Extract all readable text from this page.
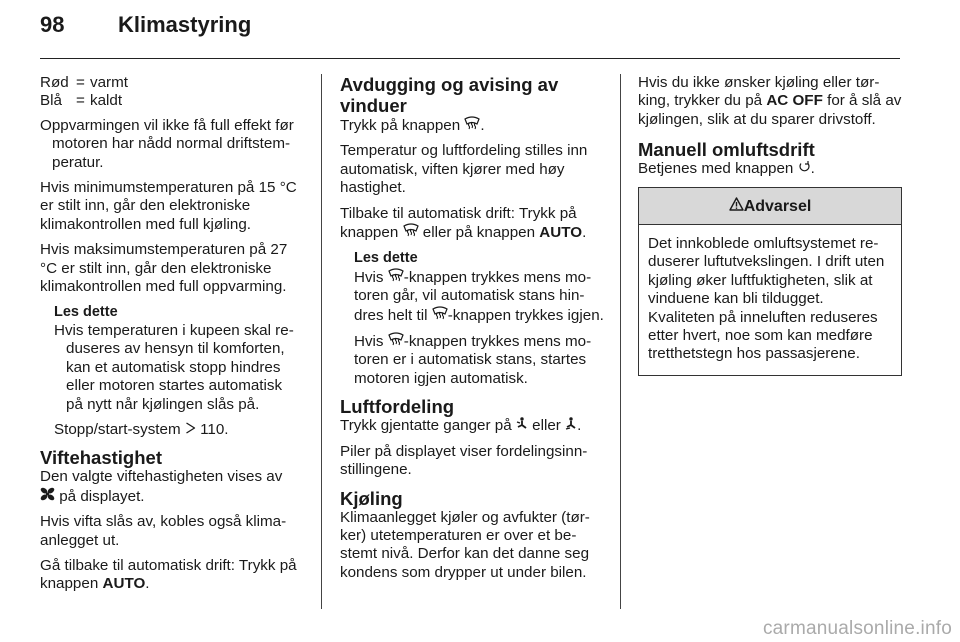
98 Klimastyring
Rød = varmt
Blå = kaldt

Oppvarmingen vil ikke få full effekt før motoren har nådd normal driftstemperatur.

Hvis minimumstemperaturen på 15 °C er stilt inn, går den elektroniske klimakontrollen med full kjøling.

Hvis maksimumstemperaturen på 27 °C er stilt inn, går den elektroniske klimakontrollen med full oppvarming.

Les dette

Hvis temperaturen i kupeen skal reduseres av hensyn til komforten, kan et automatisk stopp hindres eller motoren startes automatisk på nytt når kjølingen slås på.

Stopp/start-system 110.

Viftehastighet

Den valgte viftehastigheten vises av
på displayet.

Hvis vifta slås av, kobles også klimaanlegget ut.

Gå tilbake til automatisk drift: Trykk på knappen AUTO.

Avdugging og avising av vinduer

Trykk på knappen .

Temperatur og luftfordeling stilles inn automatisk, viften kjører med høy hastighet.

Tilbake til automatisk drift: Trykk på knappen eller på knappen AUTO.

Les dette

Hvis -knappen trykkes mens motoren går, vil automatisk stans hindres helt til -knappen trykkes igjen.

Hvis -knappen trykkes mens motoren er i automatisk stans, startes motoren igjen automatisk.

Luftfordeling

Trykk gjentatte ganger på eller .

Piler på displayet viser fordelingsinnstillingene.

Kjøling

Klimaanlegget kjøler og avfukter (tørker) utetemperaturen er over et bestemt nivå. Derfor kan det danne seg kondens som drypper ut under bilen.

Hvis du ikke ønsker kjøling eller tørking, trykker du på AC OFF for å slå av kjølingen, slik at du sparer drivstoff.

Manuell omluftsdrift

Betjenes med knappen .

Advarsel
Det innkoblede omluftsystemet reduserer luftutvekslingen. I drift uten kjøling øker luftfuktigheten, slik at vinduene kan bli tildugget. Kvaliteten på inneluften reduseres etter hvert, noe som kan medføre tretthetstegn hos passasjerene.
carmanualsonline.info
